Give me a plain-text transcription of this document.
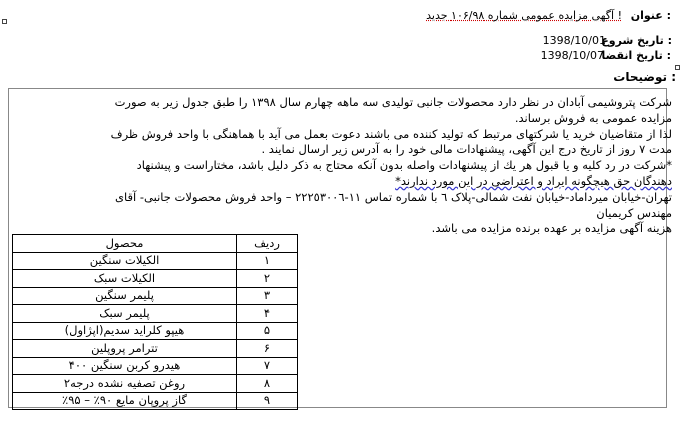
عنوان :
آگهی مزایده عمومی شماره ۱۰۶/۹۸ جدید !
تاریخ شروع :
1398/10/01
تاریخ انقضا :
1398/10/07
توضیحات :
شرکت پتروشیمی آبادان در نظر دارد محصولات جانبی تولیدی سه ماهه چهارم سال ۱۳۹۸ را طبق جدول زیر به صورت
مزایده عمومی به فروش برساند.
لذا از متقاضیان خرید یا شرکتهای مرتبط که تولید کننده می باشند دعوت بعمل می آید با هماهنگی با واحد فروش ظرف
مدت ۷ روز از تاریخ درج این آگهی، پیشنهادات مالی خود را به آدرس زیر ارسال نمایند .
*شرکت در رد کلیه و یا قبول هر یك از پیشنهادات واصله بدون آنكه محتاج به ذكر دلیل باشد، مختاراست و پیشنهاد
دهندگان حق هیچگونه ایراد و اعتراضی در این مورد ندارند*
تهران-خیابان میرداماد-خیابان نفت شمالی-پلاک ٦ با شماره تماس ١١-٢٢٢٥٣٠٠٦ – واحد فروش محصولات جانبی- آقای
مهندس کریمیان
هزینه آگهی مزایده بر عهده برنده مزایده می باشد.
ردیف	محصول
۱	الكیلات سنگین
٢	الكیلات سبک
٣	پلیمر سنگین
۴	پلیمر سبک
۵	هیپو کلراید سدیم(اپژاول)
۶	تترامر پروپلین
۷	هیدرو کربن سنگین ۴۰۰
۸	روغن تصفیه نشده درجه٢
۹	گاز پروپان مایع ۹۰٪ – ۹۵٪
